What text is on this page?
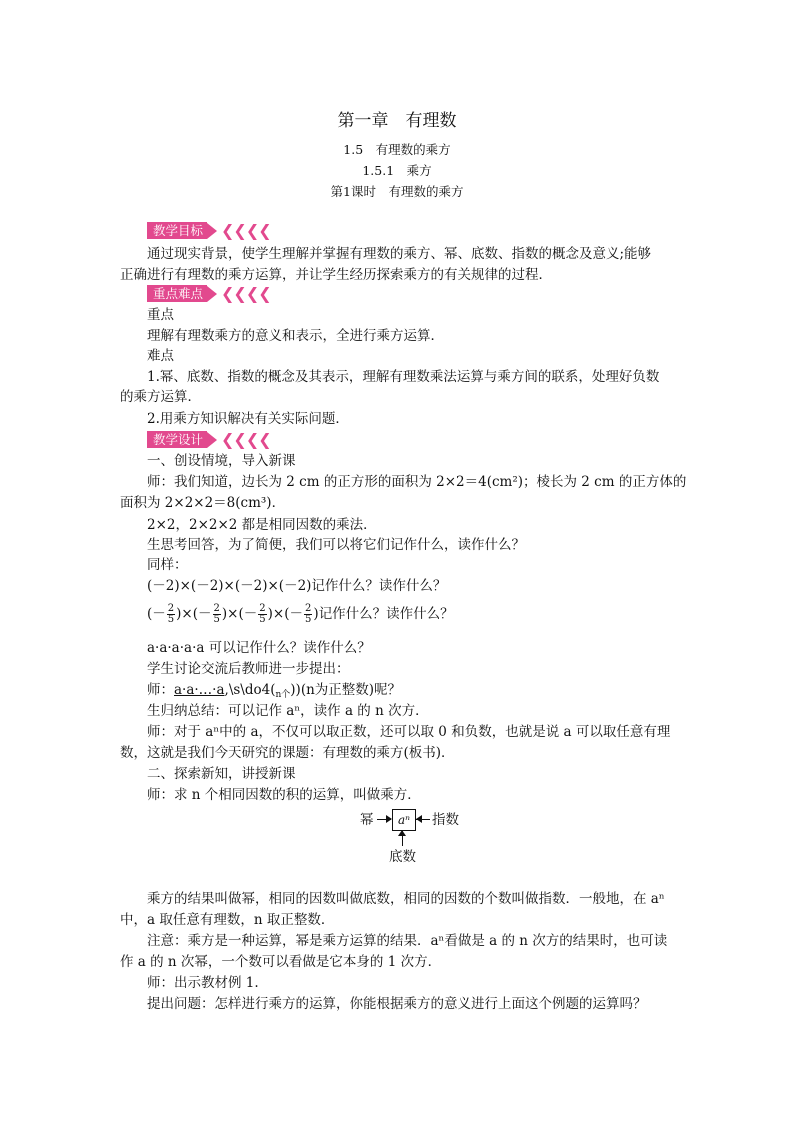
第一章　有理数
1.5　有理数的乘方
1.5.1　乘方
第1课时　有理数的乘方
教学目标 ❮❮❮❮
通过现实背景，使学生理解并掌握有理数的乘方、幂、底数、指数的概念及意义;能够
正确进行有理数的乘方运算，并让学生经历探索乘方的有关规律的过程．
重点难点 ❮❮❮❮
重点
理解有理数乘方的意义和表示，全进行乘方运算．
难点
1.幂、底数、指数的概念及其表示，理解有理数乘法运算与乘方间的联系，处理好负数
的乘方运算．
2.用乘方知识解决有关实际问题．
教学设计 ❮❮❮❮
一、创设情境，导入新课
师：我们知道，边长为 2 cm 的正方形的面积为 2×2＝4(cm²)；棱长为 2 cm 的正方体的
面积为 2×2×2＝8(cm³)．
2×2，2×2×2 都是相同因数的乘法．
生思考回答，为了简便，我们可以将它们记作什么，读作什么？
同样：
(－2)×(－2)×(－2)×(－2)记作什么？读作什么？
(－ $\frac{2}{5}$ )× (－ $\frac{2}{5}$ )× (－ $\frac{2}{5}$ )× (－ $\frac{2}{5}$ ) 记作什么？读作什么？
a·a·a·a·a 可以记作什么？读作什么？
学生讨论交流后教师进一步提出：
师：$a\cdot a\cdot\dots\cdot a,\backslash s\backslash do4(_{n个}))(n$为正整数)呢？
生归纳总结：可以记作 aⁿ，读作 a 的 n 次方．
师：对于 aⁿ中的 a，不仅可以取正数，还可以取 0 和负数，也就是说 a 可以取任意有理
数，这就是我们今天研究的课题：有理数的乘方(板书)．
二、探索新知，讲授新课
师：求 n 个相同因数的积的运算，叫做乘方．
幂	aⁿ	指数
底数
乘方的结果叫做幂，相同的因数叫做底数，相同的因数的个数叫做指数．一般地，在 aⁿ
中，a 取任意有理数，n 取正整数．
注意：乘方是一种运算，幂是乘方运算的结果．aⁿ看做是 a 的 n 次方的结果时，也可读
作 a 的 n 次幂，一个数可以看做是它本身的 1 次方．
师：出示教材例 1.
提出问题：怎样进行乘方的运算，你能根据乘方的意义进行上面这个例题的运算吗？
